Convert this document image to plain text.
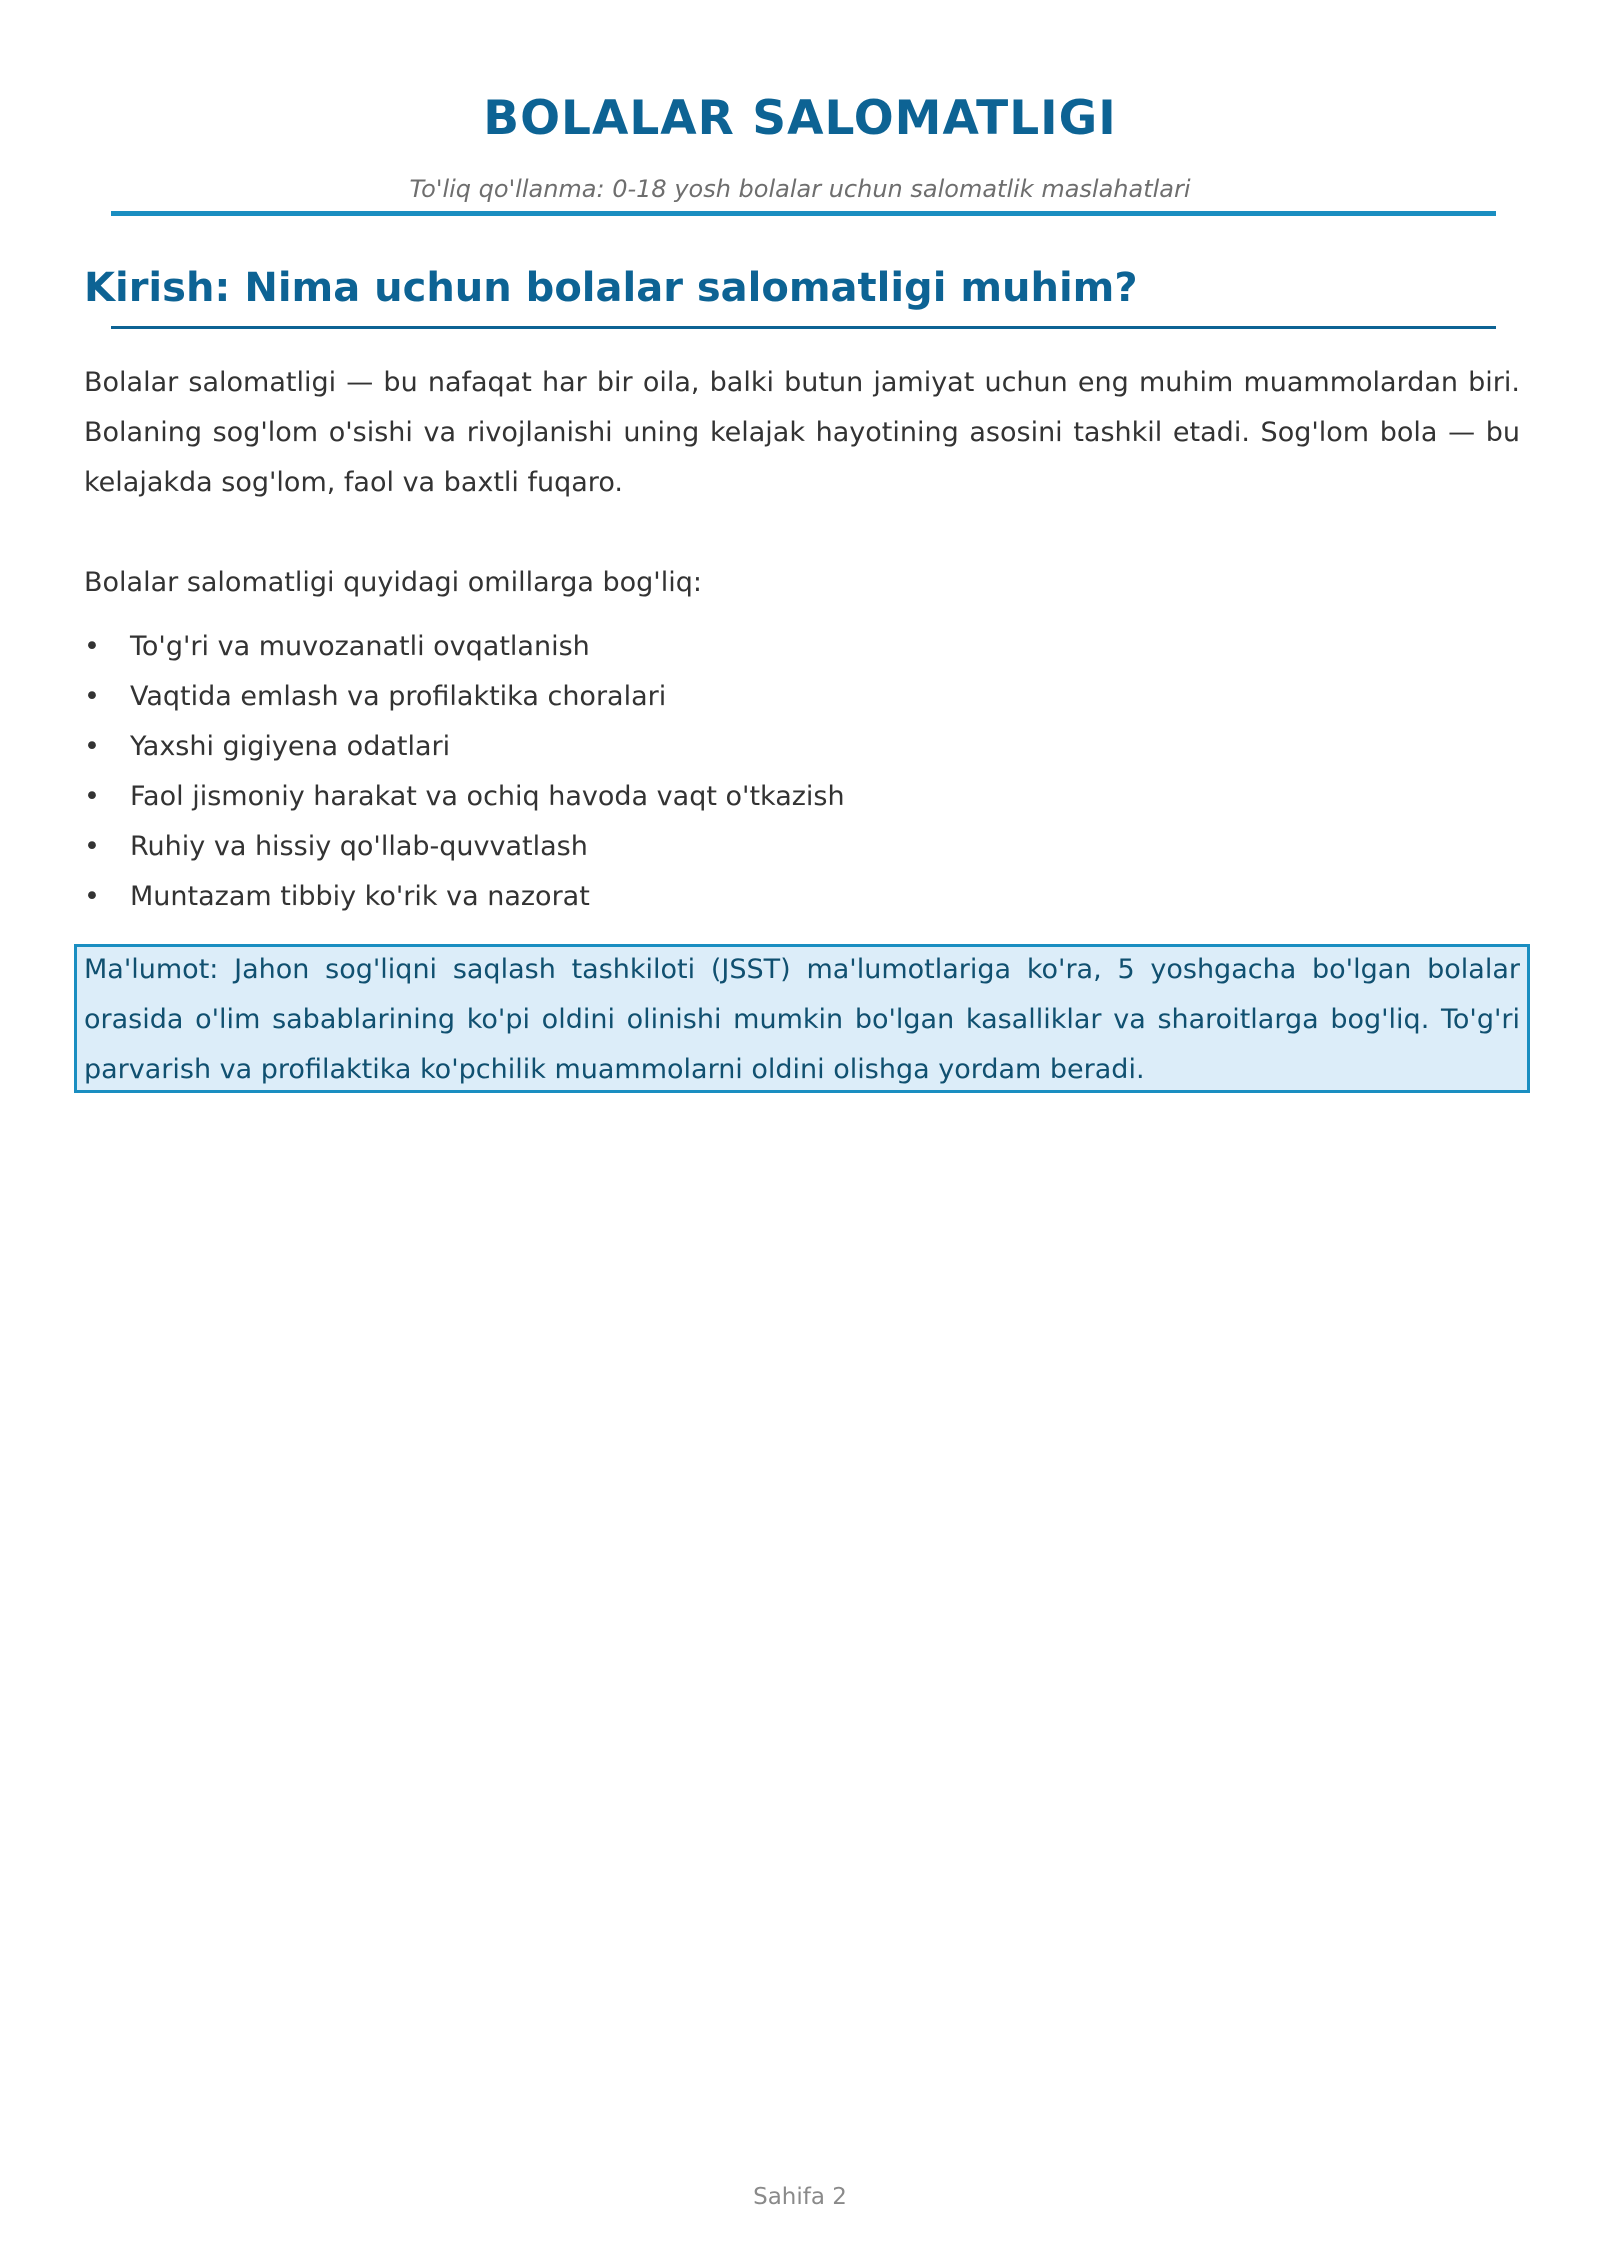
BOLALAR SALOMATLIGI
To'liq qo'llanma: 0-18 yosh bolalar uchun salomatlik maslahatlari
Kirish: Nima uchun bolalar salomatligi muhim?

Bolalar salomatligi — bu nafaqat har bir oila, balki butun jamiyat uchun eng muhim muammolardan biri. Bolaning sog'lom o'sishi va rivojlanishi uning kelajak hayotining asosini tashkil etadi. Sog'lom bola — bu kelajakda sog'lom, faol va baxtli fuqaro.

Bolalar salomatligi quyidagi omillarga bog'liq:

• To'g'ri va muvozanatli ovqatlanish
• Vaqtida emlash va profilaktika choralari
• Yaxshi gigiyena odatlari
• Faol jismoniy harakat va ochiq havoda vaqt o'tkazish
• Ruhiy va hissiy qo'llab-quvvatlash
• Muntazam tibbiy ko'rik va nazorat

Ma'lumot: Jahon sog'liqni saqlash tashkiloti (JSST) ma'lumotlariga ko'ra, 5 yoshgacha bo'lgan bolalar orasida o'lim sabablarining ko'pi oldini olinishi mumkin bo'lgan kasalliklar va sharoitlarga bog'liq. To'g'ri parvarish va profilaktika ko'pchilik muammolarni oldini olishga yordam beradi.

Sahifa 2
